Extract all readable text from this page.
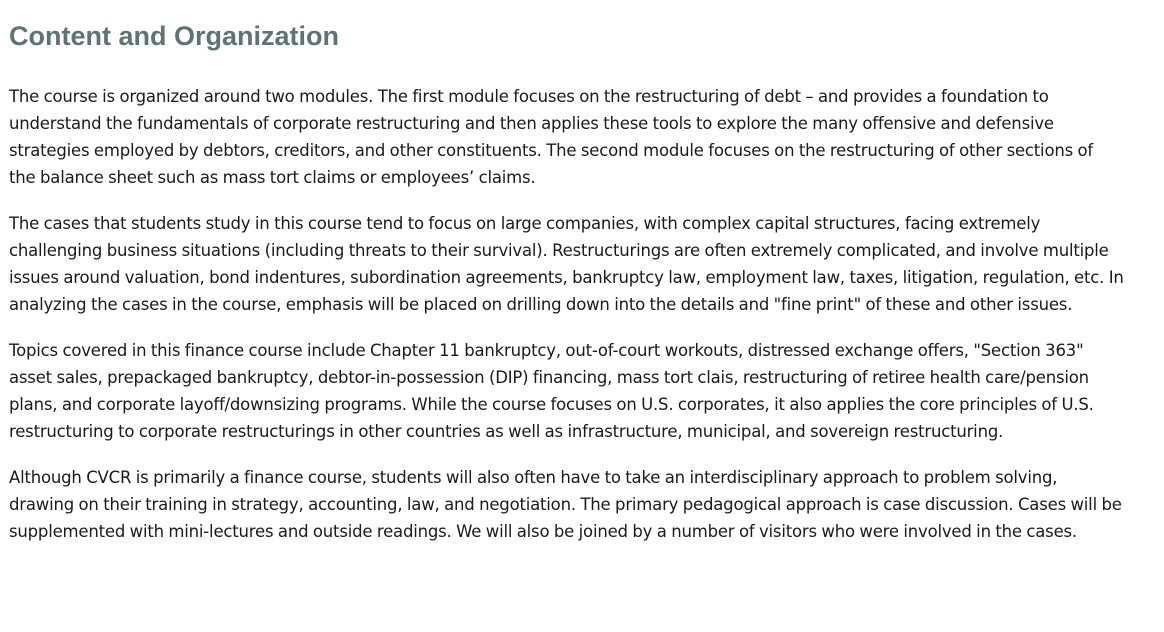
Content and Organization

The course is organized around two modules. The first module focuses on the restructuring of debt – and provides a foundation to understand the fundamentals of corporate restructuring and then applies these tools to explore the many offensive and defensive strategies employed by debtors, creditors, and other constituents. The second module focuses on the restructuring of other sections of the balance sheet such as mass tort claims or employees’ claims.

The cases that students study in this course tend to focus on large companies, with complex capital structures, facing extremely challenging business situations (including threats to their survival). Restructurings are often extremely complicated, and involve multiple issues around valuation, bond indentures, subordination agreements, bankruptcy law, employment law, taxes, litigation, regulation, etc. In analyzing the cases in the course, emphasis will be placed on drilling down into the details and "fine print" of these and other issues.

Topics covered in this finance course include Chapter 11 bankruptcy, out-of-court workouts, distressed exchange offers, "Section 363" asset sales, prepackaged bankruptcy, debtor-in-possession (DIP) financing, mass tort clais, restructuring of retiree health care/pension plans, and corporate layoff/downsizing programs. While the course focuses on U.S. corporates, it also applies the core principles of U.S. restructuring to corporate restructurings in other countries as well as infrastructure, municipal, and sovereign restructuring.

Although CVCR is primarily a finance course, students will also often have to take an interdisciplinary approach to problem solving, drawing on their training in strategy, accounting, law, and negotiation. The primary pedagogical approach is case discussion. Cases will be supplemented with mini-lectures and outside readings. We will also be joined by a number of visitors who were involved in the cases.
